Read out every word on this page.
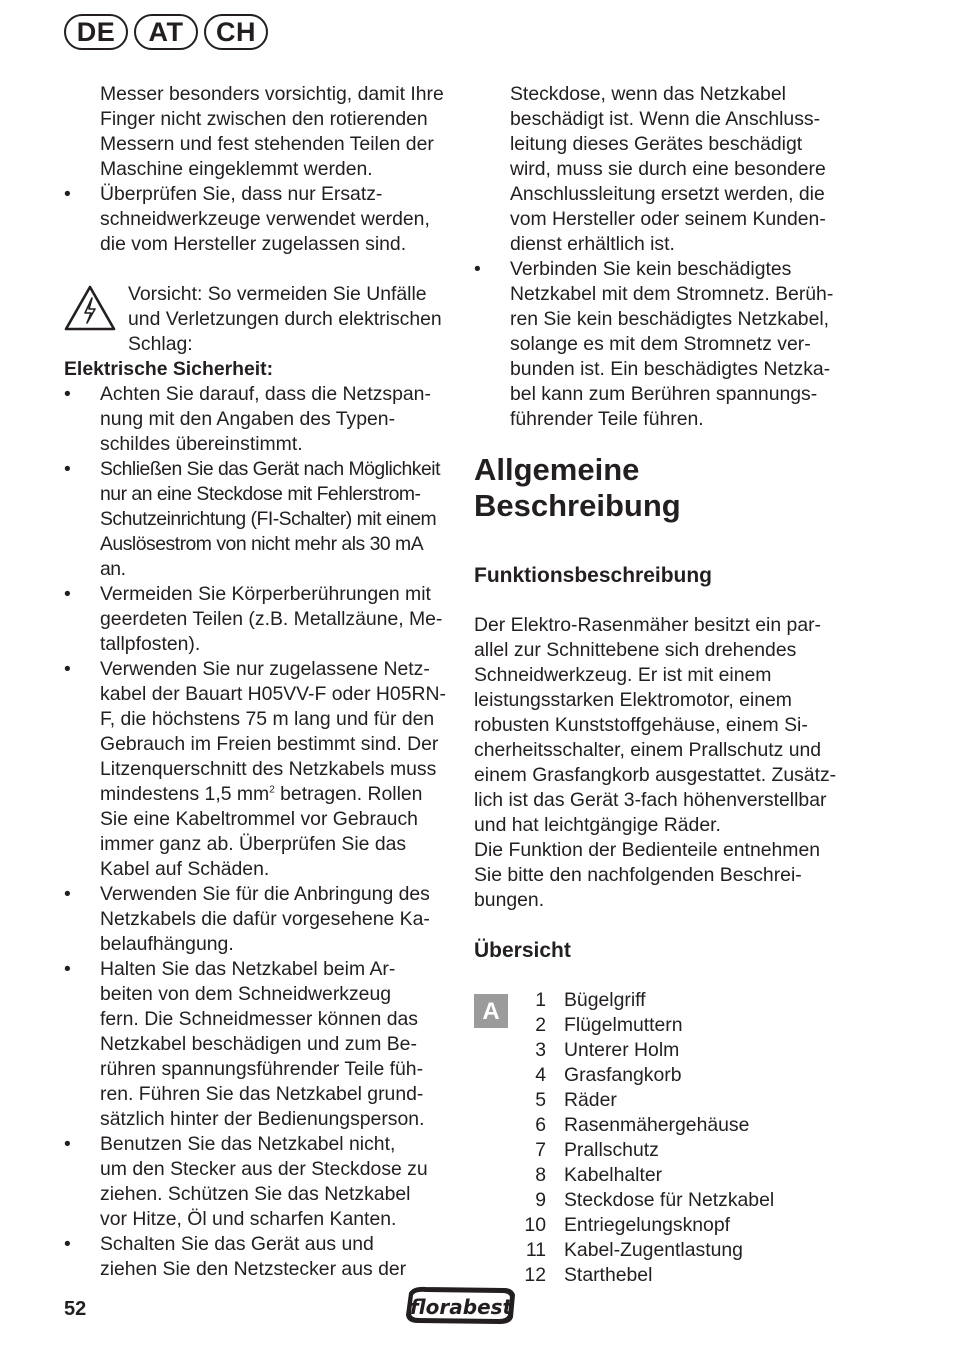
DE	AT	CH
Messer besonders vorsichtig, damit Ihre
Finger nicht zwischen den rotierenden
Messern und fest stehenden Teilen der
Maschine eingeklemmt werden.
• Überprüfen Sie, dass nur Ersatz-
schneidwerkzeuge verwendet werden,
die vom Hersteller zugelassen sind.
Vorsicht: So vermeiden Sie Unfälle
und Verletzungen durch elektrischen
Schlag:
Elektrische Sicherheit:
• Achten Sie darauf, dass die Netzspan-
nung mit den Angaben des Typen-
schildes übereinstimmt.
• Schließen Sie das Gerät nach Möglichkeit
nur an eine Steckdose mit Fehlerstrom-
Schutzeinrichtung (FI-Schalter) mit einem
Auslösestrom von nicht mehr als 30 mA
an.
• Vermeiden Sie Körperberührungen mit
geerdeten Teilen (z.B. Metallzäune, Me-
tallpfosten).
• Verwenden Sie nur zugelassene Netz-
kabel der Bauart H05VV-F oder H05RN-
F, die höchstens 75 m lang und für den
Gebrauch im Freien bestimmt sind. Der
Litzenquerschnitt des Netzkabels muss
mindestens 1,5 $mm^2$ betragen. Rollen
Sie eine Kabeltrommel vor Gebrauch
immer ganz ab. Überprüfen Sie das
Kabel auf Schäden.
• Verwenden Sie für die Anbringung des
Netzkabels die dafür vorgesehene Ka-
belaufhängung.
• Halten Sie das Netzkabel beim Ar-
beiten von dem Schneidwerkzeug
fern. Die Schneidmesser können das
Netzkabel beschädigen und zum Be-
rühren spannungsführender Teile füh-
ren. Führen Sie das Netzkabel grund-
sätzlich hinter der Bedienungsperson.
• Benutzen Sie das Netzkabel nicht,
um den Stecker aus der Steckdose zu
ziehen. Schützen Sie das Netzkabel
vor Hitze, Öl und scharfen Kanten.
• Schalten Sie das Gerät aus und
ziehen Sie den Netzstecker aus der
Steckdose, wenn das Netzkabel
beschädigt ist. Wenn die Anschluss-
leitung dieses Gerätes beschädigt
wird, muss sie durch eine besondere
Anschlussleitung ersetzt werden, die
vom Hersteller oder seinem Kunden-
dienst erhältlich ist.
• Verbinden Sie kein beschädigtes
Netzkabel mit dem Stromnetz. Berüh-
ren Sie kein beschädigtes Netzkabel,
solange es mit dem Stromnetz ver-
bunden ist. Ein beschädigtes Netzka-
bel kann zum Berühren spannungs-
führender Teile führen.
Allgemeine
Beschreibung
Funktionsbeschreibung
Der Elektro-Rasenmäher besitzt ein par-
allel zur Schnittebene sich drehendes
Schneidwerkzeug. Er ist mit einem
leistungsstarken Elektromotor, einem
robusten Kunststoffgehäuse, einem Si-
cherheitsschalter, einem Prallschutz und
einem Grasfangkorb ausgestattet. Zusätz-
lich ist das Gerät 3-fach höhenverstellbar
und hat leichtgängige Räder.
Die Funktion der Bedienteile entnehmen
Sie bitte den nachfolgenden Beschrei-
bungen.
Übersicht
A	1 Bügelgriff
2 Flügelmuttern
3 Unterer Holm
4 Grasfangkorb
5 Räder
6 Rasenmähergehäuse
7 Prallschutz
8 Kabelhalter
9 Steckdose für Netzkabel
10 Entriegelungsknopf
11 Kabel-Zugentlastung
12 Starthebel
52	florabest
